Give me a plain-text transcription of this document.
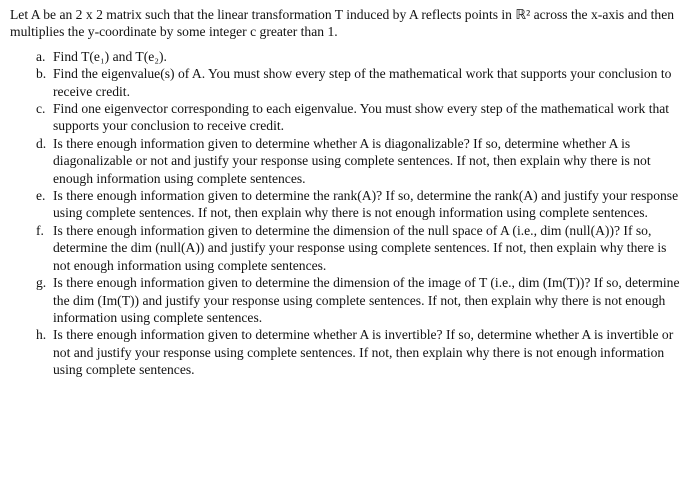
Let A be an 2 x 2 matrix such that the linear transformation T induced by A reflects points in ℝ² across the x-axis and then multiplies the y-coordinate by some integer c greater than 1.

a. Find T(e₁) and T(e₂).
b. Find the eigenvalue(s) of A. You must show every step of the mathematical work that supports your conclusion to receive credit.
c. Find one eigenvector corresponding to each eigenvalue. You must show every step of the mathematical work that supports your conclusion to receive credit.
d. Is there enough information given to determine whether A is diagonalizable? If so, determine whether A is diagonalizable or not and justify your response using complete sentences. If not, then explain why there is not enough information using complete sentences.
e. Is there enough information given to determine the rank(A)? If so, determine the rank(A) and justify your response using complete sentences. If not, then explain why there is not enough information using complete sentences.
f. Is there enough information given to determine the dimension of the null space of A (i.e., dim (null(A))? If so, determine the dim (null(A)) and justify your response using complete sentences. If not, then explain why there is not enough information using complete sentences.
g. Is there enough information given to determine the dimension of the image of T (i.e., dim (Im(T))? If so, determine the dim (Im(T)) and justify your response using complete sentences. If not, then explain why there is not enough information using complete sentences.
h. Is there enough information given to determine whether A is invertible? If so, determine whether A is invertible or not and justify your response using complete sentences. If not, then explain why there is not enough information using complete sentences.
